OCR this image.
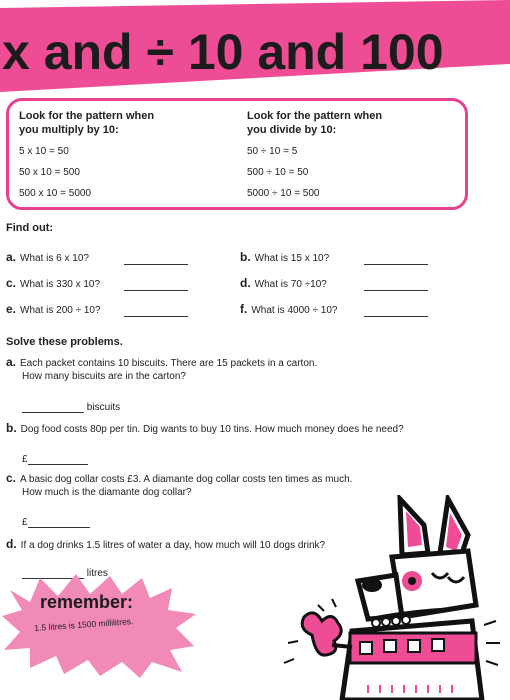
x and ÷ 10 and 100
Look for the pattern when
you multiply by 10:
5 x 10 = 50
50 x 10 = 500
500 x 10 = 5000
Look for the pattern when
you divide by 10:
50 ÷ 10 = 5
500 ÷ 10 = 50
5000 ÷ 10 = 500
Find out:
a. What is 6 x 10?	b. What is 15 x 10?
c. What is 330 x 10?	d. What is 70 ÷10?
e. What is 200 ÷ 10?	f. What is 4000 ÷ 10?
Solve these problems.
a. Each packet contains 10 biscuits. There are 15 packets in a carton.
How many biscuits are in the carton?
biscuits
b. Dog food costs 80p per tin. Dig wants to buy 10 tins. How much money does he need?
£
c. A basic dog collar costs £3. A diamante dog collar costs ten times as much.
How much is the diamante dog collar?
£
d. If a dog drinks 1.5 litres of water a day, how much will 10 dogs drink?
litres
remember:
1.5 litres is 1500 millilitres.
